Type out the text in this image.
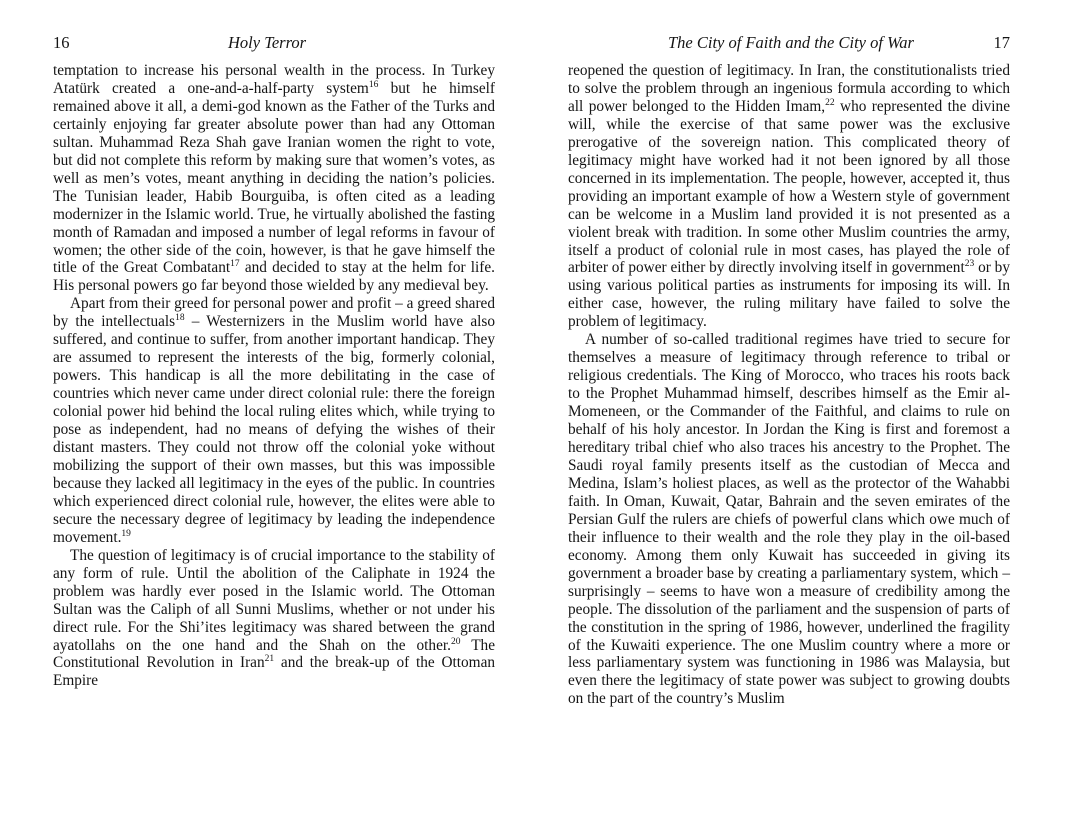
16	Holy Terror

temptation to increase his personal wealth in the process. In Turkey Atatürk created a one-and-a-half-party system$^{16}$ but he himself remained above it all, a demi-god known as the Father of the Turks and certainly enjoying far greater absolute power than had any Ottoman sultan. Muhammad Reza Shah gave Iranian women the right to vote, but did not complete this reform by making sure that women’s votes, as well as men’s votes, meant anything in deciding the nation’s policies. The Tunisian leader, Habib Bourguiba, is often cited as a leading modernizer in the Islamic world. True, he virtually abolished the fasting month of Ramadan and imposed a number of legal reforms in favour of women; the other side of the coin, however, is that he gave himself the title of the Great Combatant$^{17}$ and decided to stay at the helm for life. His personal powers go far beyond those wielded by any medieval bey.

Apart from their greed for personal power and profit – a greed shared by the intellectuals$^{18}$ – Westernizers in the Muslim world have also suffered, and continue to suffer, from another important handicap. They are assumed to represent the interests of the big, formerly colonial, powers. This handicap is all the more debilitating in the case of countries which never came under direct colonial rule: there the foreign colonial power hid behind the local ruling elites which, while trying to pose as independent, had no means of defying the wishes of their distant masters. They could not throw off the colonial yoke without mobilizing the support of their own masses, but this was impossible because they lacked all legitimacy in the eyes of the public. In countries which experienced direct colonial rule, however, the elites were able to secure the necessary degree of legitimacy by leading the independence movement.$^{19}$

The question of legitimacy is of crucial importance to the stability of any form of rule. Until the abolition of the Caliphate in 1924 the problem was hardly ever posed in the Islamic world. The Ottoman Sultan was the Caliph of all Sunni Muslims, whether or not under his direct rule. For the Shi’ites legitimacy was shared between the grand ayatollahs on the one hand and the Shah on the other.$^{20}$ The Constitutional Revolution in Iran$^{21}$ and the break-up of the Ottoman Empire

The City of Faith and the City of War	17

reopened the question of legitimacy. In Iran, the constitutionalists tried to solve the problem through an ingenious formula according to which all power belonged to the Hidden Imam,$^{22}$ who represented the divine will, while the exercise of that same power was the exclusive prerogative of the sovereign nation. This complicated theory of legitimacy might have worked had it not been ignored by all those concerned in its implementation. The people, however, accepted it, thus providing an important example of how a Western style of government can be welcome in a Muslim land provided it is not presented as a violent break with tradition. In some other Muslim countries the army, itself a product of colonial rule in most cases, has played the role of arbiter of power either by directly involving itself in government$^{23}$ or by using various political parties as instruments for imposing its will. In either case, however, the ruling military have failed to solve the problem of legitimacy.

A number of so-called traditional regimes have tried to secure for themselves a measure of legitimacy through reference to tribal or religious credentials. The King of Morocco, who traces his roots back to the Prophet Muhammad himself, describes himself as the Emir al-Momeneen, or the Commander of the Faithful, and claims to rule on behalf of his holy ancestor. In Jordan the King is first and foremost a hereditary tribal chief who also traces his ancestry to the Prophet. The Saudi royal family presents itself as the custodian of Mecca and Medina, Islam’s holiest places, as well as the protector of the Wahabbi faith. In Oman, Kuwait, Qatar, Bahrain and the seven emirates of the Persian Gulf the rulers are chiefs of powerful clans which owe much of their influence to their wealth and the role they play in the oil-based economy. Among them only Kuwait has succeeded in giving its government a broader base by creating a parliamentary system, which – surprisingly – seems to have won a measure of credibility among the people. The dissolution of the parliament and the suspension of parts of the constitution in the spring of 1986, however, underlined the fragility of the Kuwaiti experience. The one Muslim country where a more or less parliamentary system was functioning in 1986 was Malaysia, but even there the legitimacy of state power was subject to growing doubts on the part of the country’s Muslim
